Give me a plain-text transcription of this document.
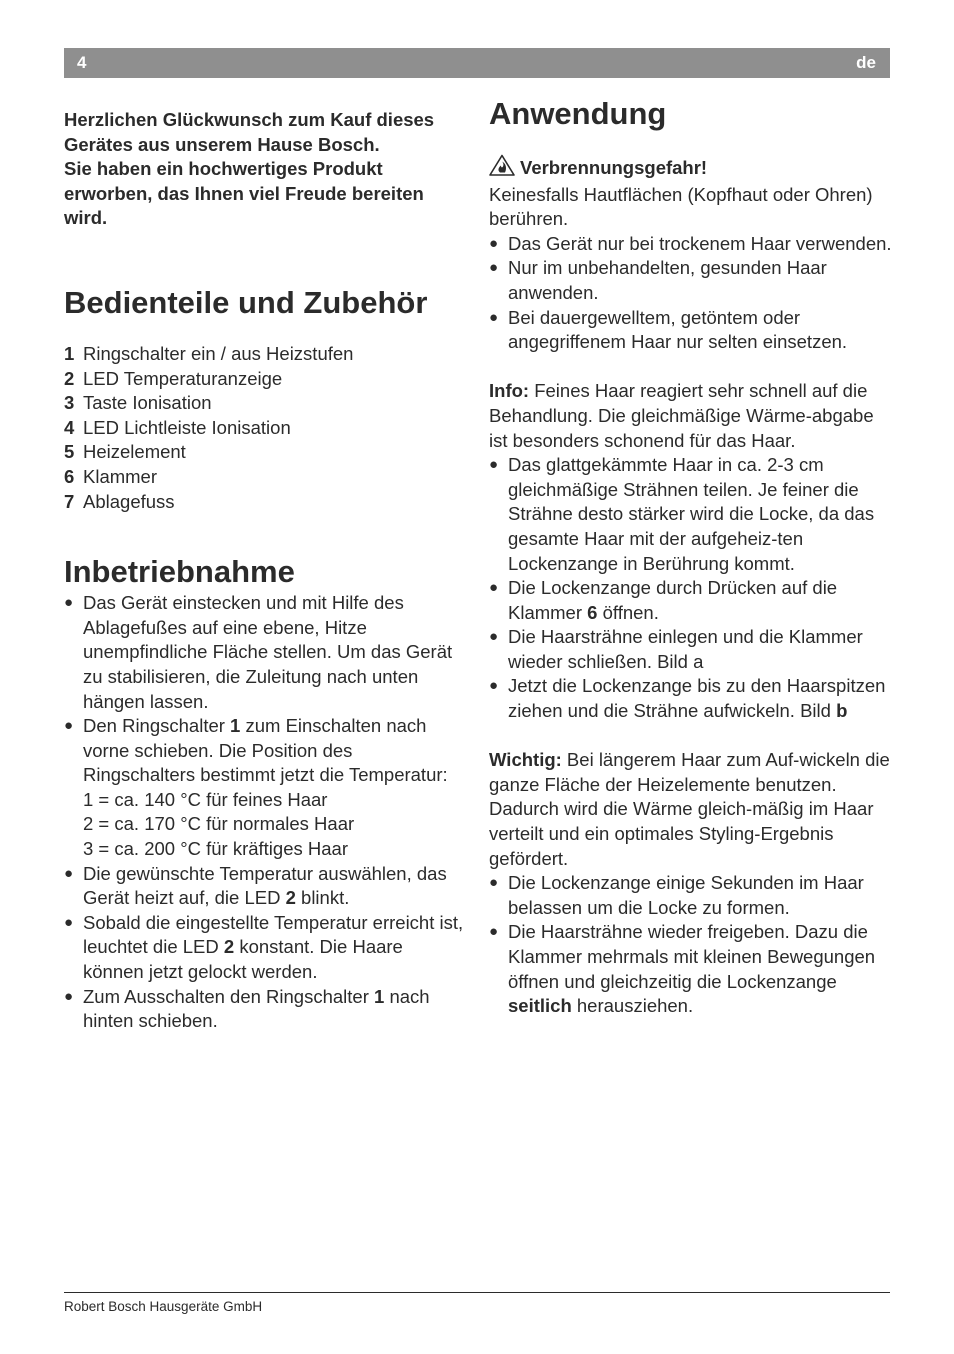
4	de

Herzlichen Glückwunsch zum Kauf dieses
Gerätes aus unserem Hause Bosch.
Sie haben ein hochwertiges Produkt
erworben, das Ihnen viel Freude bereiten
wird.

Bedienteile und Zubehör
1 Ringschalter ein / aus Heizstufen
2 LED Temperaturanzeige
3 Taste Ionisation
4 LED Lichtleiste Ionisation
5 Heizelement
6 Klammer
7 Ablagefuss
Inbetriebnahme
● Das Gerät einstecken und mit Hilfe des Ablagefußes auf eine ebene, Hitze unempfindliche Fläche stellen. Um das Gerät zu stabilisieren, die Zuleitung nach unten hängen lassen.
● Den Ringschalter 1 zum Einschalten nach vorne schieben. Die Position des Ringschalters bestimmt jetzt die Temperatur:
1 = ca. 140 °C für feines Haar
2 = ca. 170 °C für normales Haar
3 = ca. 200 °C für kräftiges Haar
● Die gewünschte Temperatur auswählen, das Gerät heizt auf, die LED 2 blinkt.
● Sobald die eingestellte Temperatur erreicht ist, leuchtet die LED 2 konstant. Die Haare können jetzt gelockt werden.
● Zum Ausschalten den Ringschalter 1 nach hinten schieben.
Anwendung
Verbrennungsgefahr!

Keinesfalls Hautflächen (Kopfhaut oder Ohren) berühren.

● Das Gerät nur bei trockenem Haar verwenden.
● Nur im unbehandelten, gesunden Haar anwenden.
● Bei dauergewelltem, getöntem oder angegriffenem Haar nur selten einsetzen.

Info: Feines Haar reagiert sehr schnell auf die Behandlung. Die gleichmäßige Wärme-abgabe ist besonders schonend für das Haar.

● Das glattgekämmte Haar in ca. 2-3 cm gleichmäßige Strähnen teilen. Je feiner die Strähne desto stärker wird die Locke, da das gesamte Haar mit der aufgeheiz-ten Lockenzange in Berührung kommt.
● Die Lockenzange durch Drücken auf die Klammer 6 öffnen.
● Die Haarsträhne einlegen und die Klammer wieder schließen. Bild a
● Jetzt die Lockenzange bis zu den Haarspitzen ziehen und die Strähne aufwickeln. Bild b

Wichtig: Bei längerem Haar zum Auf-wickeln die ganze Fläche der Heizelemente benutzen. Dadurch wird die Wärme gleich-mäßig im Haar verteilt und ein optimales Styling-Ergebnis gefördert.

● Die Lockenzange einige Sekunden im Haar belassen um die Locke zu formen.
● Die Haarsträhne wieder freigeben. Dazu die Klammer mehrmals mit kleinen Bewegungen öffnen und gleichzeitig die Lockenzange seitlich herausziehen.
Robert Bosch Hausgeräte GmbH
